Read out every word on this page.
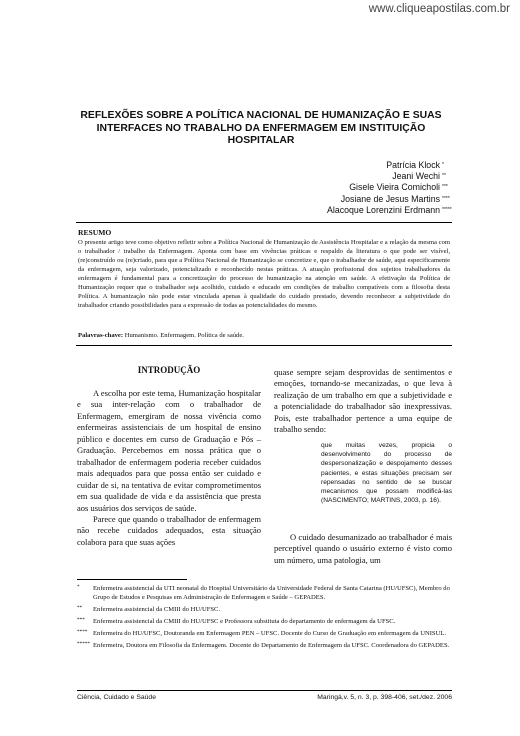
www.cliqueapostilas.com.br
REFLEXÕES SOBRE A POLÍTICA NACIONAL DE HUMANIZAÇÃO E SUAS INTERFACES NO TRABALHO DA ENFERMAGEM EM INSTITUIÇÃO HOSPITALAR
Patrícia Klock *
Jeani Wechi **
Gisele Vieira Comicholi ***
Josiane de Jesus Martins ****
Alacoque Lorenzini Erdmann *****
RESUMO

O presente artigo teve como objetivo refletir sobre a Política Nacional de Humanização de Assistência Hospitalar e a relação da mesma com o trabalhador / trabalho da Enfermagem. Aponta com base em vivências práticas e respaldo da literatura o que pode ser visível, (re)construído ou (re)criado, para que a Política Nacional de Humanização se concretize e, que o trabalhador de saúde, aqui especificamente da enfermagem, seja valorizado, potencializado e reconhecido nestas práticas. A atuação profissional dos sujeitos trabalhadores da enfermagem é fundamental para a concretização do processo de humanização na atenção em saúde. A efetivação da Política de Humanização requer que o trabalhador seja acolhido, cuidado e educado em condições de trabalho compatíveis com a filosofia desta Política. A humanização não pode estar vinculada apenas à qualidade do cuidado prestado, devendo reconhecer a subjetividade do trabalhador criando possibilidades para a expressão de todas as potencialidades do mesmo.

Palavras-chave: Humanismo. Enfermagem. Política de saúde.

INTRODUÇÃO

A escolha por este tema, Humanização hospitalar e sua inter-relação com o trabalhador de Enfermagem, emergiram de nossa vivência como enfermeiras assistenciais de um hospital de ensino público e docentes em curso de Graduação e Pós – Graduação. Percebemos em nossa prática que o trabalhador de enfermagem poderia receber cuidados mais adequados para que possa então ser cuidado e cuidar de si, na tentativa de evitar comprometimentos em sua qualidade de vida e da assistência que presta aos usuários dos serviços de saúde.

Parece que quando o trabalhador de enfermagem não recebe cuidados adequados, esta situação colabora para que suas ações

quase sempre sejam desprovidas de sentimentos e emoções, tornando-se mecanizadas, o que leva à realização de um trabalho em que a subjetividade e a potencialidade do trabalhador são inexpressivas. Pois, este trabalhador pertence a uma equipe de trabalho sendo:

que muitas vezes, propicia o desenvolvimento do processo de despersonalização e despojamento desses pacientes, e estas situações precisam ser repensadas no sentido de se buscar mecanismos que possam modificá-las (NASCIMENTO; MARTINS, 2003, p. 16).

O cuidado desumanizado ao trabalhador é mais perceptível quando o usuário externo é visto como um número, uma patologia, um

* Enfermeira assistencial da UTI neonatal do Hospital Universitário da Universidade Federal de Santa Catarina (HU/UFSC), Membro do Grupo de Estudos e Pesquisas em Administração de Enfermagem e Saúde – GEPADES.
** Enfermeira assistencial da CMIII do HU/UFSC.
*** Enfermeira assistencial da CMIII do HU/UFSC e Professora substituta do departamento de enfermagem da UFSC.
**** Enfermeira do HU/UFSC, Doutoranda em Enfermagem PEN – UFSC. Docente do Curso de Graduação em enfermagem da UNISUL.
***** Enfermeira, Doutora em Filosofia da Enfermagem. Docente do Departamento de Enfermagem da UFSC. Coordenadora do GEPADES.
Ciência, Cuidado e Saúde	Maringá,v. 5, n. 3, p. 398-406, set./dez. 2006
